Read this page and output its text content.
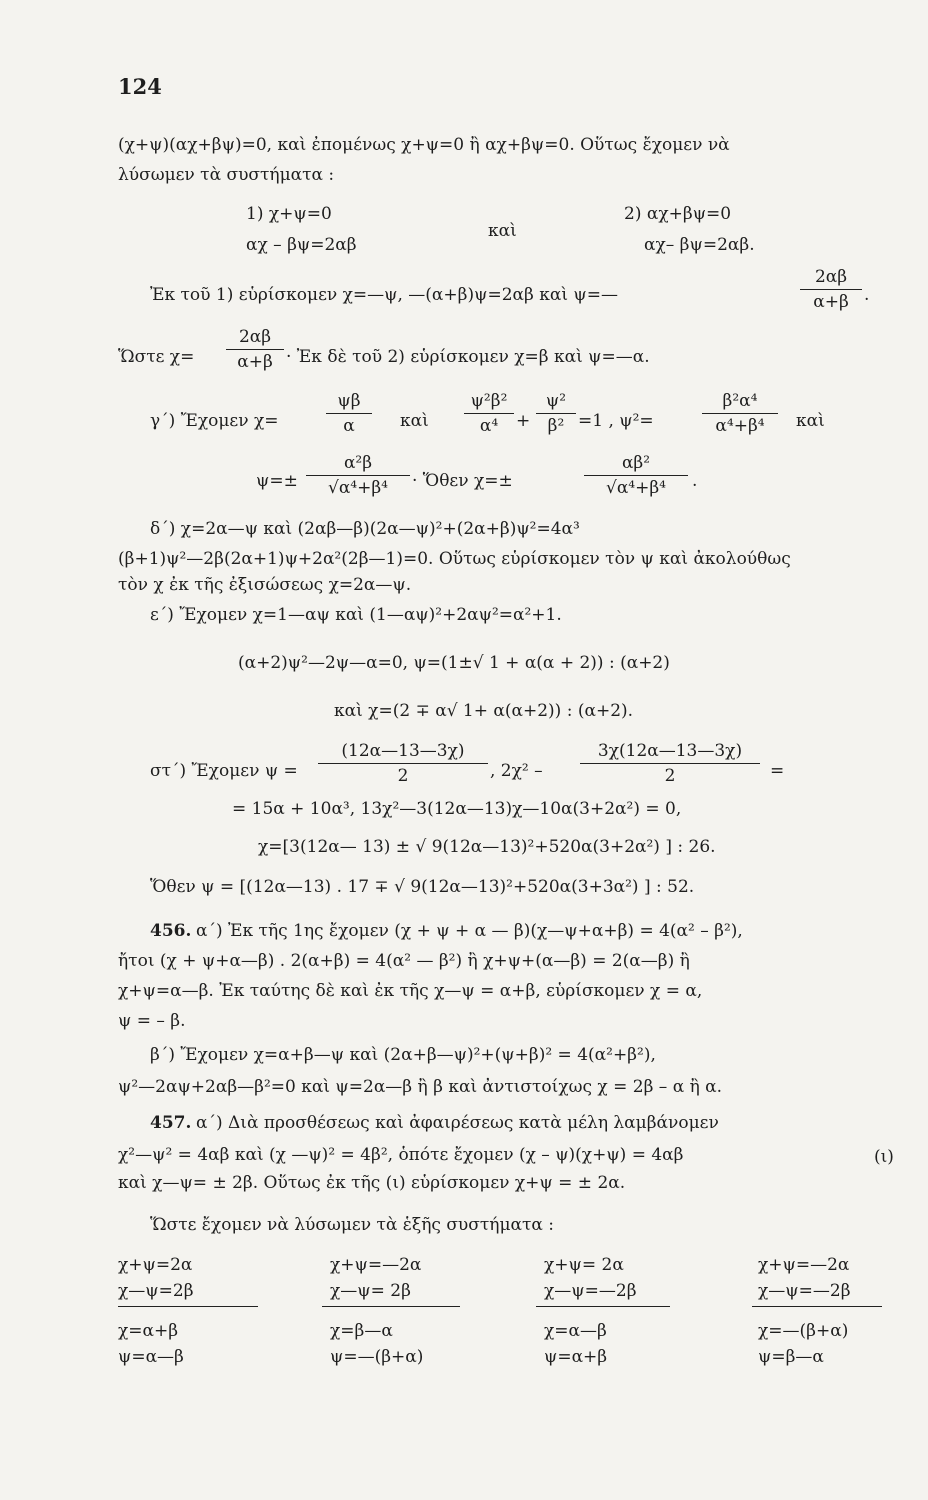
124
(χ+ψ)(αχ+βψ)=0, καὶ ἐπομένως χ+ψ=0 ἢ αχ+βψ=0. Οὕτως ἔχομεν νὰ
λύσωμεν τὰ συστήματα :
1) χ+ψ=0
αχ – βψ=2αβ
καὶ
2) αχ+βψ=0
αχ– βψ=2αβ.
Ἐκ τοῦ 1) εὑρίσκομεν χ=—ψ, —(α+β)ψ=2αβ καὶ ψ=—
2αβ
α+β .
Ὥστε χ=
2αβ
α+β · Ἐκ δὲ τοῦ 2) εὑρίσκομεν χ=β καὶ ψ=—α.
γ΄) Ἔχομεν χ=
ψβ
α	καὶ
ψ²β²
α⁴	+
ψ²
β² =1 , ψ²=
β²α⁴
α⁴+β⁴	καὶ
ψ=±
α²β
√α⁴+β⁴	· Ὅθεν χ=±
αβ²
√α⁴+β⁴	.
δ΄) χ=2α—ψ καὶ (2αβ—β)(2α—ψ)²+(2α+β)ψ²=4α³
(β+1)ψ²—2β(2α+1)ψ+2α²(2β—1)=0. Οὕτως εὑρίσκομεν τὸν ψ καὶ ἀκολούθως
τὸν χ ἐκ τῆς ἐξισώσεως χ=2α—ψ.
ε΄) Ἔχομεν χ=1—αψ καὶ (1—αψ)²+2αψ²=α²+1.
(α+2)ψ²—2ψ—α=0, ψ=(1±√ 1 + α(α + 2)) : (α+2)
καὶ χ=(2 ∓ α√ 1+ α(α+2)) : (α+2).
στ΄) Ἔχομεν ψ =
(12α—13—3χ)
2	, 2χ² –
3χ(12α—13—3χ)
2	=
= 15α + 10α³, 13χ²—3(12α—13)χ—10α(3+2α²) = 0,
χ=[3(12α— 13) ± √ 9(12α—13)²+520α(3+2α²) ] : 26.
Ὅθεν ψ = [(12α—13) . 17 ∓ √ 9(12α—13)²+520α(3+3α²) ] : 52.
456. α΄) Ἐκ τῆς 1ης ἔχομεν (χ + ψ + α — β)(χ—ψ+α+β) = 4(α² – β²),
ἤτοι (χ + ψ+α—β) . 2(α+β) = 4(α² — β²) ἢ χ+ψ+(α—β) = 2(α—β) ἢ
χ+ψ=α—β. Ἐκ ταύτης δὲ καὶ ἐκ τῆς χ—ψ = α+β, εὑρίσκομεν χ = α,
ψ = – β.
β΄) Ἔχομεν χ=α+β—ψ καὶ (2α+β—ψ)²+(ψ+β)² = 4(α²+β²),
ψ²—2αψ+2αβ—β²=0 καὶ ψ=2α—β ἢ β καὶ ἀντιστοίχως χ = 2β – α ἢ α.
457. α΄) Διὰ προσθέσεως καὶ ἀφαιρέσεως κατὰ μέλη λαμβάνομεν
χ²—ψ² = 4αβ καὶ (χ —ψ)² = 4β², ὁπότε ἔχομεν (χ – ψ)(χ+ψ) = 4αβ	(ι)
καὶ χ—ψ= ± 2β. Οὕτως ἐκ τῆς (ι) εὑρίσκομεν χ+ψ = ± 2α.
Ὥστε ἔχομεν νὰ λύσωμεν τὰ ἑξῆς συστήματα :
χ+ψ=2α
χ—ψ=2β
χ=α+β
ψ=α—β
χ+ψ=—2α
χ—ψ= 2β
χ=β—α
ψ=—(β+α)
χ+ψ= 2α
χ—ψ=—2β
χ=α—β
ψ=α+β
χ+ψ=—2α
χ—ψ=—2β
χ=—(β+α)
ψ=β—α
